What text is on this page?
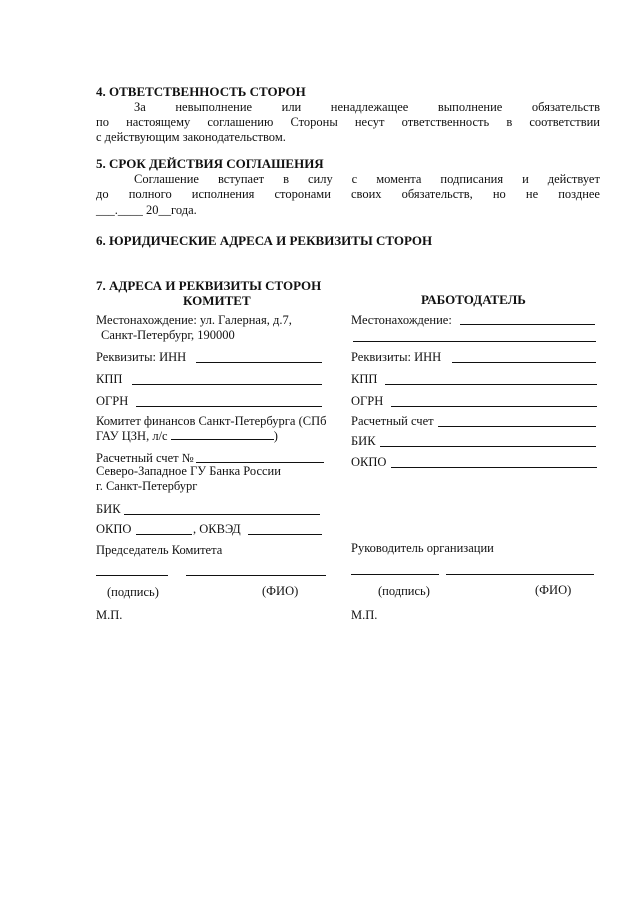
4. ОТВЕТСТВЕННОСТЬ СТОРОН
За невыполнение или ненадлежащее выполнение обязательств
по настоящему соглашению Стороны несут ответственность в соответствии
с действующим законодательством.
5. СРОК ДЕЙСТВИЯ СОГЛАШЕНИЯ
Соглашение вступает в силу с момента подписания и действует
до полного исполнения сторонами своих обязательств, но не позднее
___.____ 20__года.
6. ЮРИДИЧЕСКИЕ АДРЕСА И РЕКВИЗИТЫ СТОРОН
7. АДРЕСА И РЕКВИЗИТЫ СТОРОН
КОМИТЕТ	РАБОТОДАТЕЛЬ
Местонахождение: ул. Галерная, д.7,
Санкт-Петербург, 190000
Реквизиты: ИНН
КПП
ОГРН
Комитет финансов Санкт-Петербурга (СПб
ГАУ ЦЗН, л/с	)
Расчетный счет №
Северо-Западное ГУ Банка России
г. Санкт-Петербург
БИК
ОКПО	, ОКВЭД
Председатель Комитета
(подпись)	(ФИО)
М.П.
Местонахождение:
Реквизиты: ИНН
КПП
ОГРН
Расчетный счет
БИК
ОКПО
Руководитель организации
(подпись)	(ФИО)
М.П.
